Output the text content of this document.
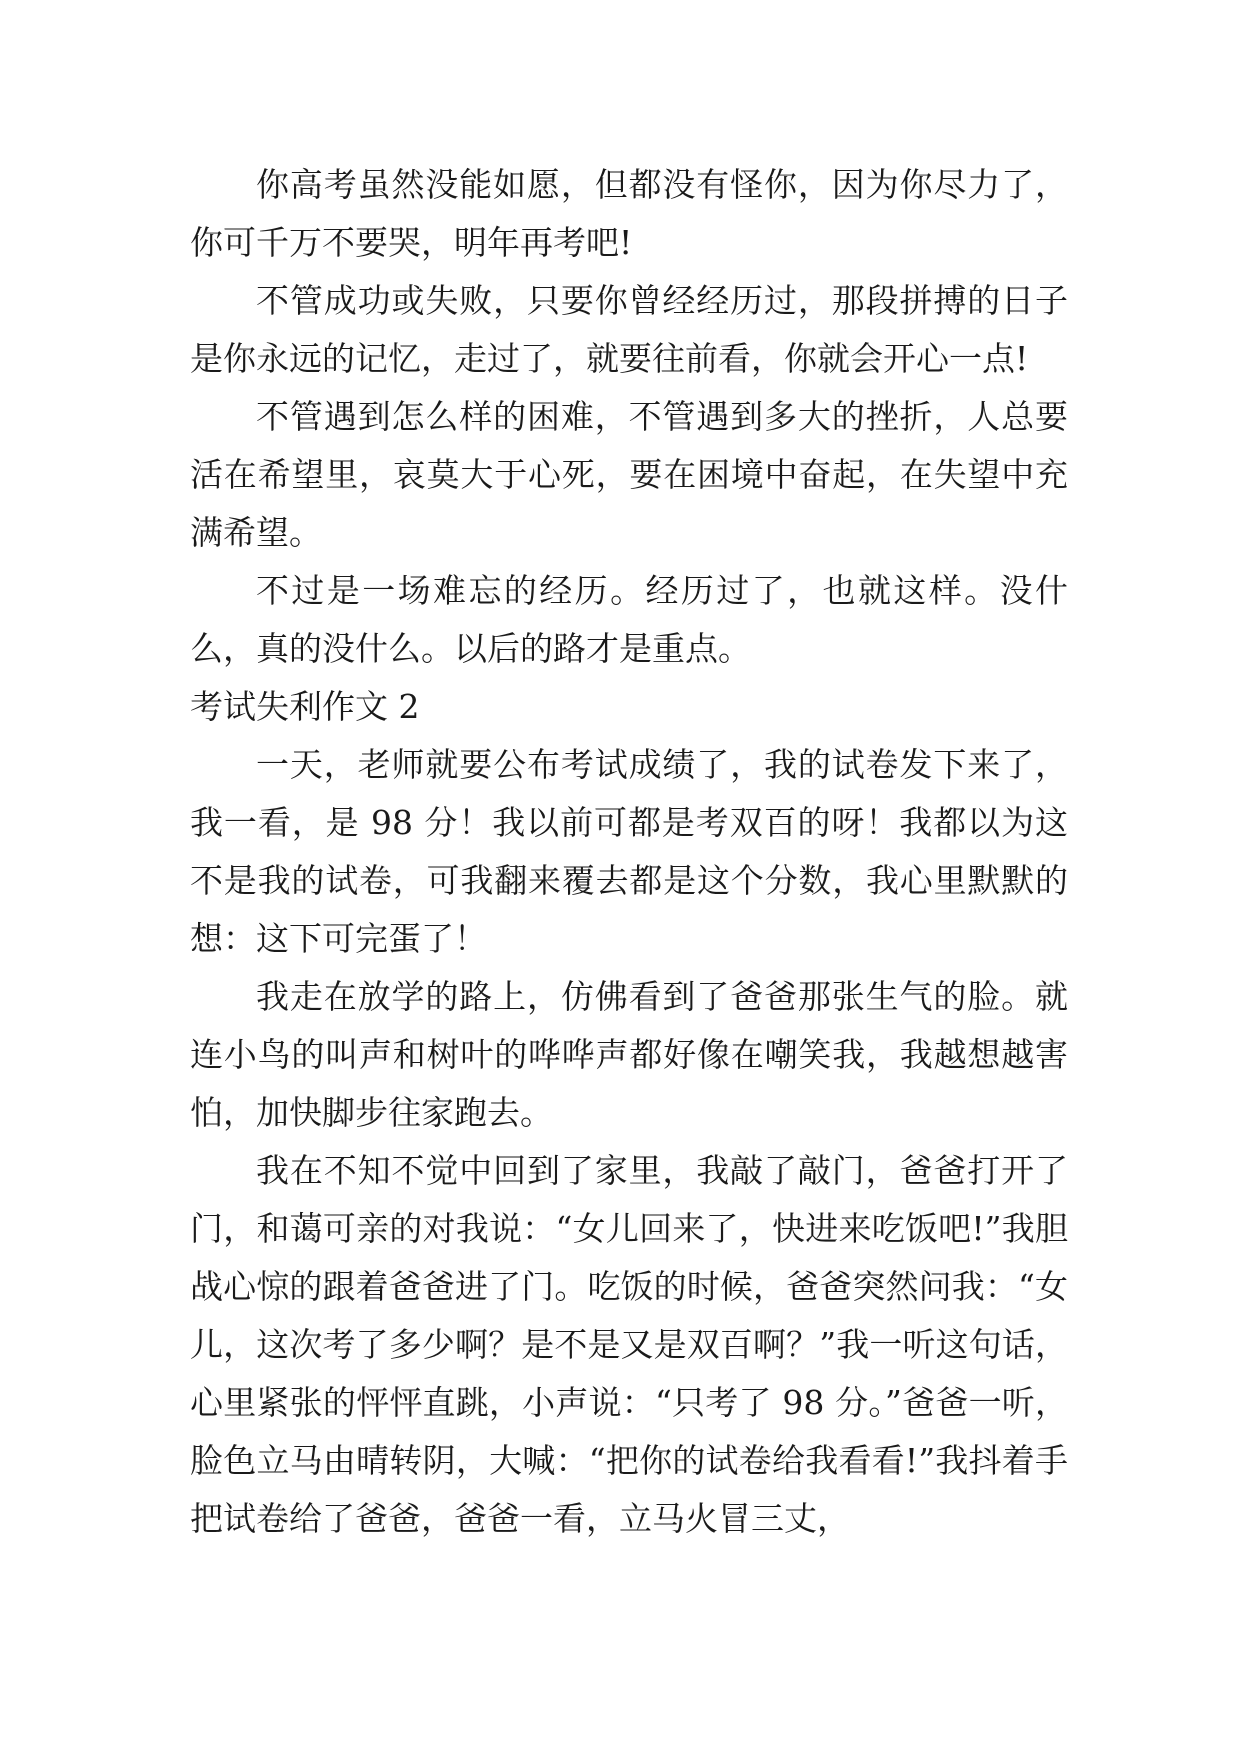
你高考虽然没能如愿，但都没有怪你，因为你尽力了，你可千万不要哭，明年再考吧!

不管成功或失败，只要你曾经经历过，那段拼搏的日子是你永远的记忆，走过了，就要往前看，你就会开心一点!

不管遇到怎么样的困难，不管遇到多大的挫折，人总要活在希望里，哀莫大于心死，要在困境中奋起，在失望中充满希望。

不过是一场难忘的经历。经历过了，也就这样。没什么，真的没什么。以后的路才是重点。

考试失利作文 2

一天，老师就要公布考试成绩了，我的试卷发下来了，我一看，是 98 分！我以前可都是考双百的呀！我都以为这不是我的试卷，可我翻来覆去都是这个分数，我心里默默的想：这下可完蛋了！

我走在放学的路上，仿佛看到了爸爸那张生气的脸。就连小鸟的叫声和树叶的哗哗声都好像在嘲笑我，我越想越害怕，加快脚步往家跑去。

我在不知不觉中回到了家里，我敲了敲门，爸爸打开了门，和蔼可亲的对我说：“女儿回来了，快进来吃饭吧!”我胆战心惊的跟着爸爸进了门。吃饭的时候，爸爸突然问我：“女儿，这次考了多少啊？是不是又是双百啊？”我一听这句话，心里紧张的怦怦直跳，小声说：“只考了 98 分。”爸爸一听，脸色立马由晴转阴，大喊：“把你的试卷给我看看!”我抖着手把试卷给了爸爸，爸爸一看，立马火冒三丈，
